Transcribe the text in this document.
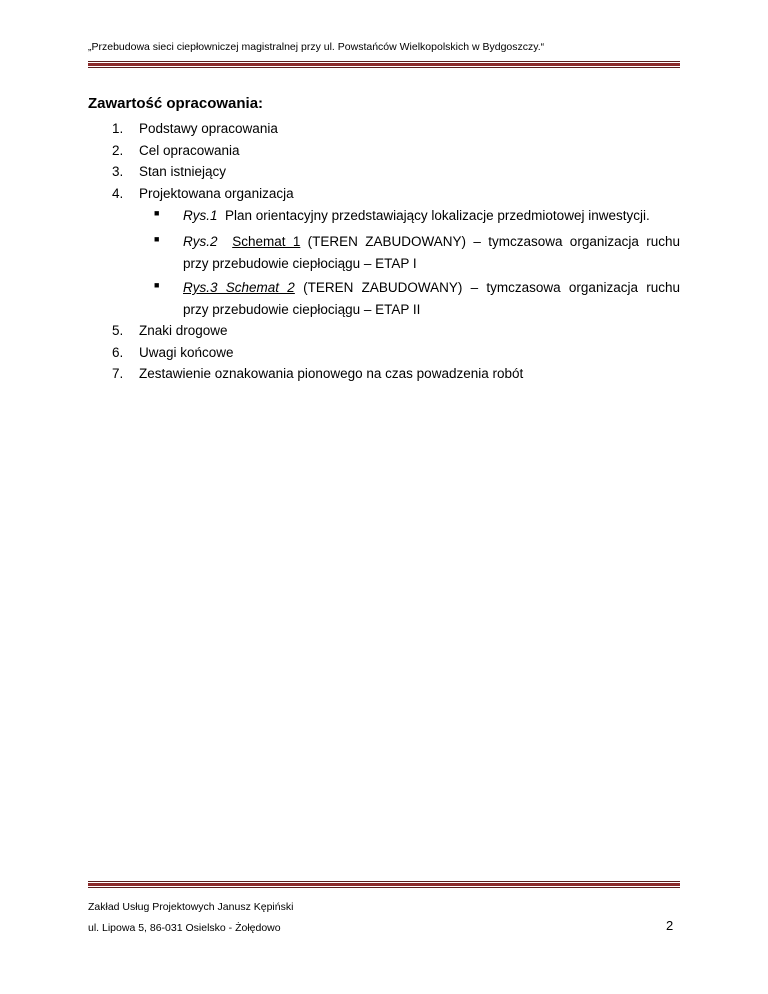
„Przebudowa sieci ciepłowniczej magistralnej przy ul. Powstańców Wielkopolskich w Bydgoszczy.“
Zawartość opracowania:
1. Podstawy opracowania
2. Cel opracowania
3. Stan istniejący
4. Projektowana organizacja
■ Rys.1 Plan orientacyjny przedstawiający lokalizacje przedmiotowej inwestycji.
■ Rys.2 Schemat 1 (TEREN ZABUDOWANY) – tymczasowa organizacja ruchu
przy przebudowie ciepłociągu – ETAP I
■ Rys.3 Schemat 2 (TEREN ZABUDOWANY) – tymczasowa organizacja ruchu
przy przebudowie ciepłociągu – ETAP II
5. Znaki drogowe
6. Uwagi końcowe
7. Zestawienie oznakowania pionowego na czas powadzenia robót
Zakład Usług Projektowych Janusz Kępiński
ul. Lipowa 5, 86-031 Osielsko - Żołędowo	2
